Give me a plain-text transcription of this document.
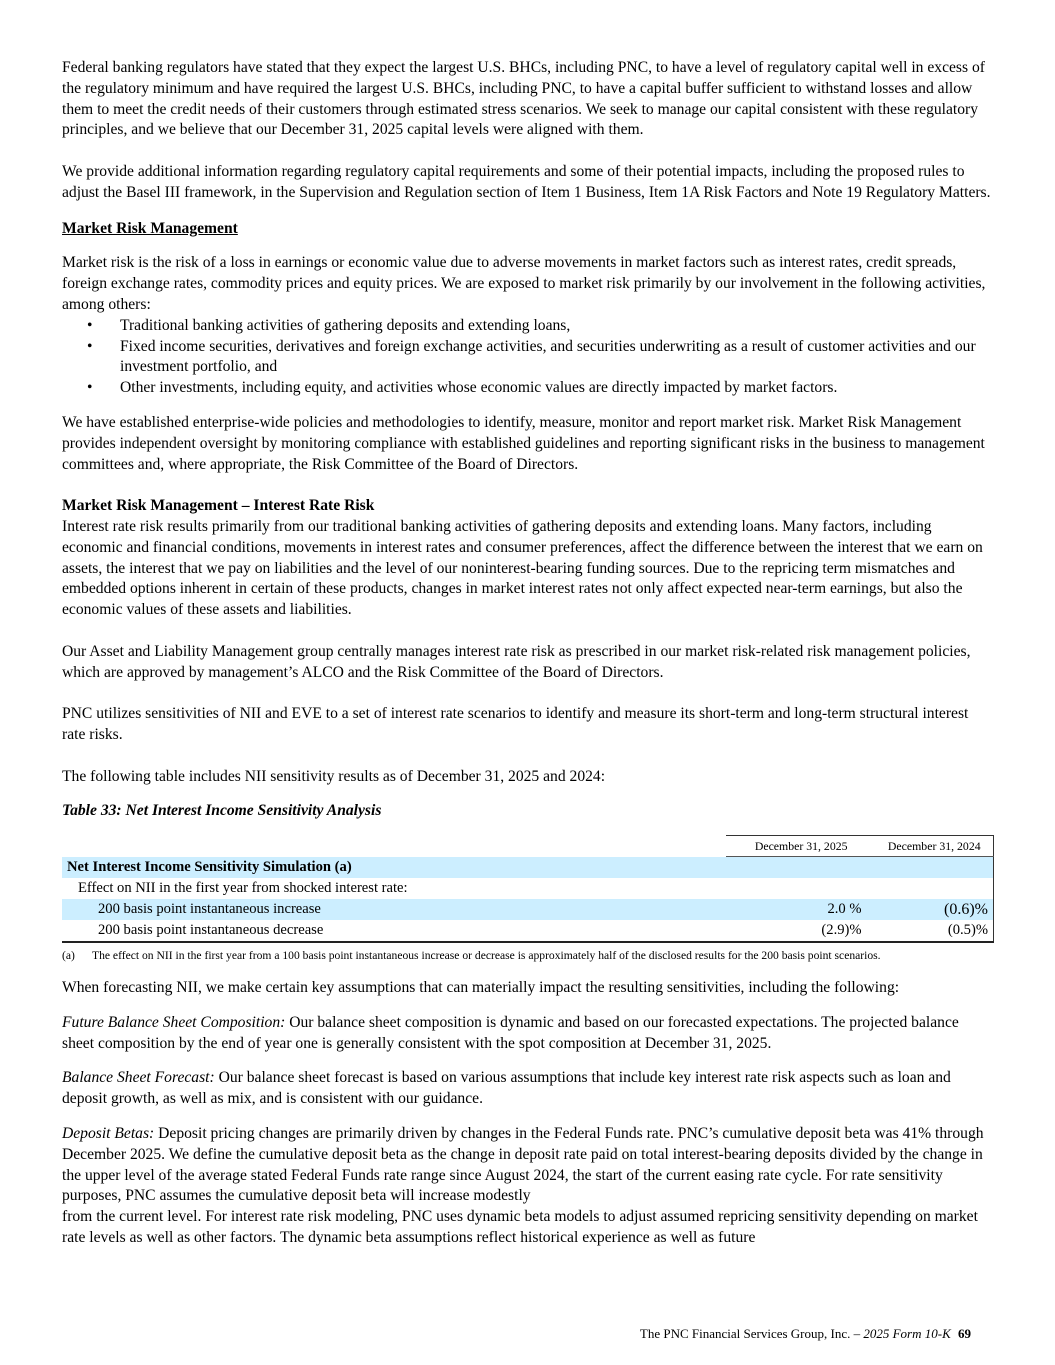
Federal banking regulators have stated that they expect the largest U.S. BHCs, including PNC, to have a level of regulatory capital well in excess of the regulatory minimum and have required the largest U.S. BHCs, including PNC, to have a capital buffer sufficient to withstand losses and allow them to meet the credit needs of their customers through estimated stress scenarios. We seek to manage our capital consistent with these regulatory principles, and we believe that our December 31, 2025 capital levels were aligned with them.

We provide additional information regarding regulatory capital requirements and some of their potential impacts, including the proposed rules to adjust the Basel III framework, in the Supervision and Regulation section of Item 1 Business, Item 1A Risk Factors and Note 19 Regulatory Matters.

Market Risk Management

Market risk is the risk of a loss in earnings or economic value due to adverse movements in market factors such as interest rates, credit spreads, foreign exchange rates, commodity prices and equity prices. We are exposed to market risk primarily by our involvement in the following activities, among others:

• Traditional banking activities of gathering deposits and extending loans,
• Fixed income securities, derivatives and foreign exchange activities, and securities underwriting as a result of customer activities and our investment portfolio, and
• Other investments, including equity, and activities whose economic values are directly impacted by market factors.

We have established enterprise-wide policies and methodologies to identify, measure, monitor and report market risk. Market Risk Management provides independent oversight by monitoring compliance with established guidelines and reporting significant risks in the business to management committees and, where appropriate, the Risk Committee of the Board of Directors.

Market Risk Management – Interest Rate Risk

Interest rate risk results primarily from our traditional banking activities of gathering deposits and extending loans. Many factors, including economic and financial conditions, movements in interest rates and consumer preferences, affect the difference between the interest that we earn on assets, the interest that we pay on liabilities and the level of our noninterest-bearing funding sources. Due to the repricing term mismatches and embedded options inherent in certain of these products, changes in market interest rates not only affect expected near-term earnings, but also the economic values of these assets and liabilities.

Our Asset and Liability Management group centrally manages interest rate risk as prescribed in our market risk-related risk management policies, which are approved by management’s ALCO and the Risk Committee of the Board of Directors.

PNC utilizes sensitivities of NII and EVE to a set of interest rate scenarios to identify and measure its short-term and long-term structural interest rate risks.

The following table includes NII sensitivity results as of December 31, 2025 and 2024:

Table 33: Net Interest Income Sensitivity Analysis
	December 31, 2025	December 31, 2024
Net Interest Income Sensitivity Simulation (a)		
Effect on NII in the first year from shocked interest rate:		
200 basis point instantaneous increase	2.0 %	(0.6)%
200 basis point instantaneous decrease	(2.9)%	(0.5)%
(a)	The effect on NII in the first year from a 100 basis point instantaneous increase or decrease is approximately half of the disclosed results for the 200 basis point scenarios.

When forecasting NII, we make certain key assumptions that can materially impact the resulting sensitivities, including the following:

Future Balance Sheet Composition: Our balance sheet composition is dynamic and based on our forecasted expectations. The projected balance sheet composition by the end of year one is generally consistent with the spot composition at December 31, 2025.

Balance Sheet Forecast: Our balance sheet forecast is based on various assumptions that include key interest rate risk aspects such as loan and deposit growth, as well as mix, and is consistent with our guidance.

Deposit Betas: Deposit pricing changes are primarily driven by changes in the Federal Funds rate. PNC’s cumulative deposit beta was 41% through December 2025. We define the cumulative deposit beta as the change in deposit rate paid on total interest-bearing deposits divided by the change in the upper level of the average stated Federal Funds rate range since August 2024, the start of the current easing rate cycle. For rate sensitivity purposes, PNC assumes the cumulative deposit beta will increase modestly
from the current level. For interest rate risk modeling, PNC uses dynamic beta models to adjust assumed repricing sensitivity depending on market rate levels as well as other factors. The dynamic beta assumptions reflect historical experience as well as future

The PNC Financial Services Group, Inc. – 2025 Form 10-K 69
